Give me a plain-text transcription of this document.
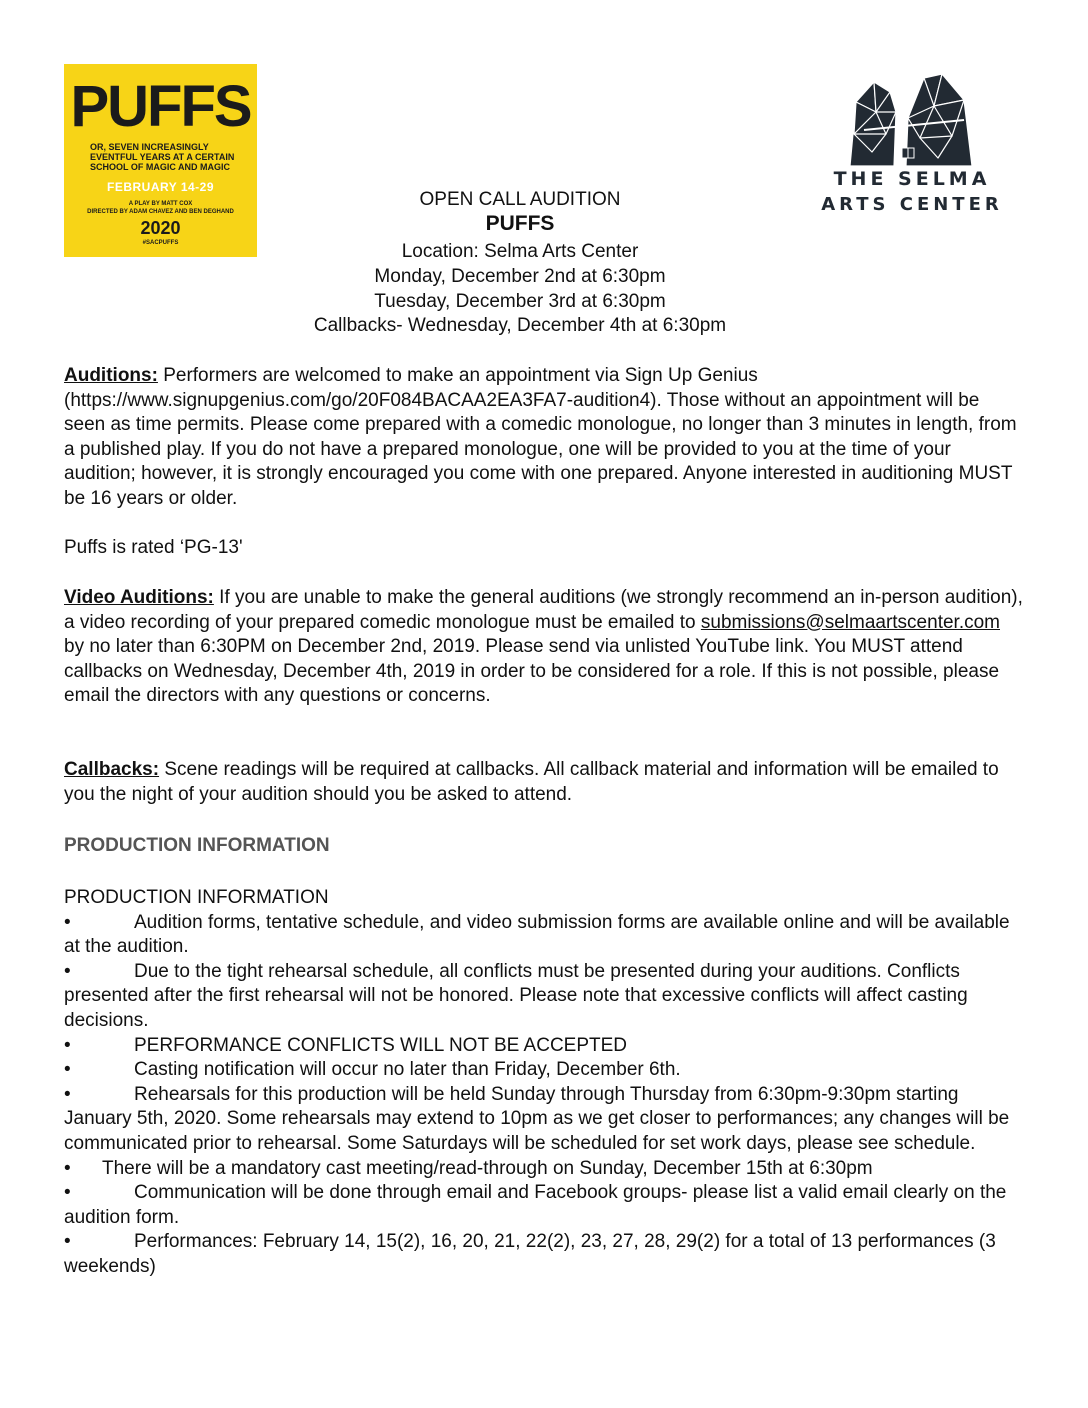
PUFFS
OR, SEVEN INCREASINGLY EVENTFUL YEARS AT A CERTAIN SCHOOL OF MAGIC AND MAGIC
FEBRUARY 14-29
A PLAY BY MATT COX
DIRECTED BY ADAM CHAVEZ AND BEN DEGHAND
2020
#SACPUFFS
THE SELMA
ARTS CENTER
OPEN CALL AUDITION
PUFFS
Location: Selma Arts Center
Monday, December 2nd at 6:30pm
Tuesday, December 3rd at 6:30pm
Callbacks- Wednesday, December 4th at 6:30pm
Auditions: Performers are welcomed to make an appointment via Sign Up Genius (https://www.signupgenius.com/go/20F084BACAA2EA3FA7-audition4). Those without an appointment will be seen as time permits. Please come prepared with a comedic monologue, no longer than 3 minutes in length, from a published play. If you do not have a prepared monologue, one will be provided to you at the time of your audition; however, it is strongly encouraged you come with one prepared. Anyone interested in auditioning MUST be 16 years or older.
Puffs is rated ‘PG-13'
Video Auditions: If you are unable to make the general auditions (we strongly recommend an in-person audition), a video recording of your prepared comedic monologue must be emailed to submissions@selmaartscenter.com by no later than 6:30PM on December 2nd, 2019. Please send via unlisted YouTube link. You MUST attend callbacks on Wednesday, December 4th, 2019 in order to be considered for a role. If this is not possible, please email the directors with any questions or concerns.
Callbacks: Scene readings will be required at callbacks. All callback material and information will be emailed to you the night of your audition should you be asked to attend.
PRODUCTION INFORMATION
PRODUCTION INFORMATION
•	Audition forms, tentative schedule, and video submission forms are available online and will be available at the audition.
•	Due to the tight rehearsal schedule, all conflicts must be presented during your auditions. Conflicts presented after the first rehearsal will not be honored. Please note that excessive conflicts will affect casting decisions.
•	PERFORMANCE CONFLICTS WILL NOT BE ACCEPTED
•	Casting notification will occur no later than Friday, December 6th.
•	Rehearsals for this production will be held Sunday through Thursday from 6:30pm-9:30pm starting January 5th, 2020. Some rehearsals may extend to 10pm as we get closer to performances; any changes will be communicated prior to rehearsal. Some Saturdays will be scheduled for set work days, please see schedule.
• There will be a mandatory cast meeting/read-through on Sunday, December 15th at 6:30pm
•	Communication will be done through email and Facebook groups- please list a valid email clearly on the audition form.
•	Performances: February 14, 15(2), 16, 20, 21, 22(2), 23, 27, 28, 29(2) for a total of 13 performances (3 weekends)
